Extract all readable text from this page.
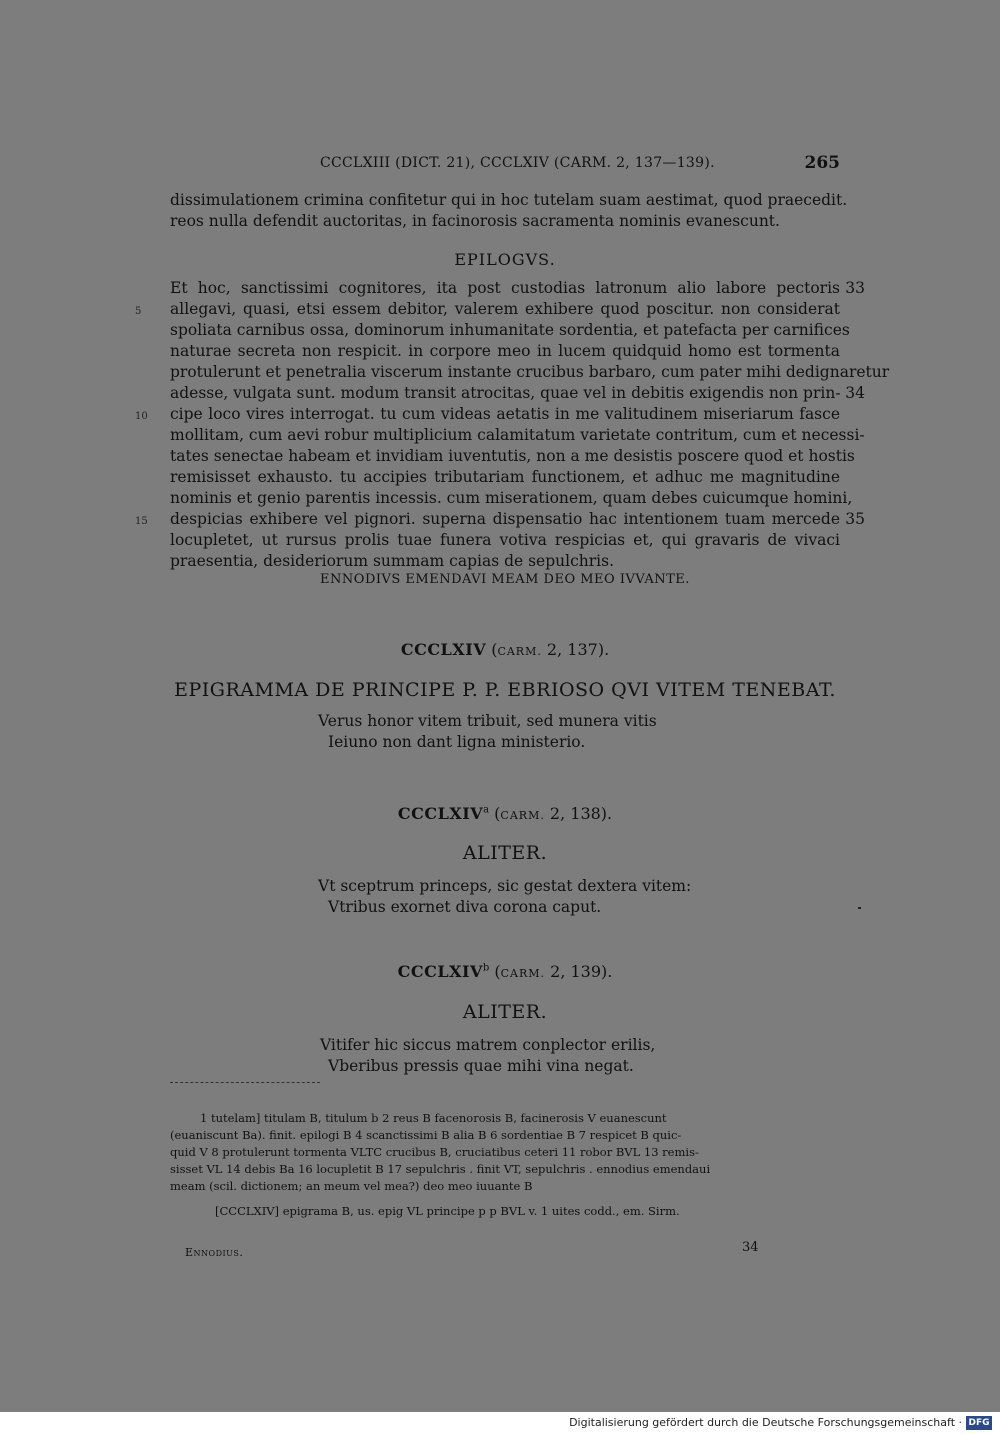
CCCLXIII (DICT. 21), CCCLXIV (CARM. 2, 137—139).	265
dissimulationem crimina confitetur qui in hoc tutelam suam aestimat, quod praecedit.
reos nulla defendit auctoritas, in facinorosis sacramenta nominis evanescunt.
EPILOGVS.
Et hoc, sanctissimi cognitores, ita post custodias latronum alio labore pectoris 33
allegavi, quasi, etsi essem debitor, valerem exhibere quod poscitur. non considerat
5
spoliata carnibus ossa, dominorum inhumanitate sordentia, et patefacta per carnifices
naturae secreta non respicit. in corpore meo in lucem quidquid homo est tormenta
protulerunt et penetralia viscerum instante crucibus barbaro, cum pater mihi dedignaretur
adesse, vulgata sunt. modum transit atrocitas, quae vel in debitis exigendis non prin- 34
cipe loco vires interrogat. tu cum videas aetatis in me valitudinem miseriarum fasce
10
mollitam, cum aevi robur multiplicium calamitatum varietate contritum, cum et necessi-
tates senectae habeam et invidiam iuventutis, non a me desistis poscere quod et hostis
remisisset exhausto. tu accipies tributariam functionem, et adhuc me magnitudine
nominis et genio parentis incessis. cum miserationem, quam debes cuicumque homini,
despicias exhibere vel pignori. superna dispensatio hac intentionem tuam mercede
15	35
locupletet, ut rursus prolis tuae funera votiva respicias et, qui gravaris de vivaci
praesentia, desideriorum summam capias de sepulchris.
ENNODIVS EMENDAVI MEAM DEO MEO IVVANTE.
CCCLXIV (CARM. 2, 137).
EPIGRAMMA DE PRINCIPE P. P. EBRIOSO QVI VITEM TENEBAT.
Verus honor vitem tribuit, sed munera vitis
Ieiuno non dant ligna ministerio.
CCCLXIV$^a$ (CARM. 2, 138).
ALITER.
Vt sceptrum princeps, sic gestat dextera vitem:
Vtribus exornet diva corona caput.
CCCLXIV$^b$ (CARM. 2, 139).
ALITER.
Vitifer hic siccus matrem conplector erilis,
Vberibus pressis quae mihi vina negat.
1 tutelam] titulam B, titulum b 2 reus B facenorosis B, facinerosis V euanescunt
(euaniscunt Ba). finit. epilogi B 4 scanctissimi B alia B 6 sordentiae B 7 respicet B quic-
quid V 8 protulerunt tormenta VLTC crucibus B, cruciatibus ceteri 11 robor BVL 13 remis-
sisset VL 14 debis Ba 16 locupletit B 17 sepulchris . finit VT, sepulchris . ennodius emendaui
meam (scil. dictionem; an meum vel mea?) deo meo iuuante B
[CCCLXIV] epigrama B, us. epig VL principe p p BVL v. 1 uites codd., em. Sirm.
Ennodius.	34
Digitalisierung gefördert durch die Deutsche Forschungsgemeinschaft · DFG
